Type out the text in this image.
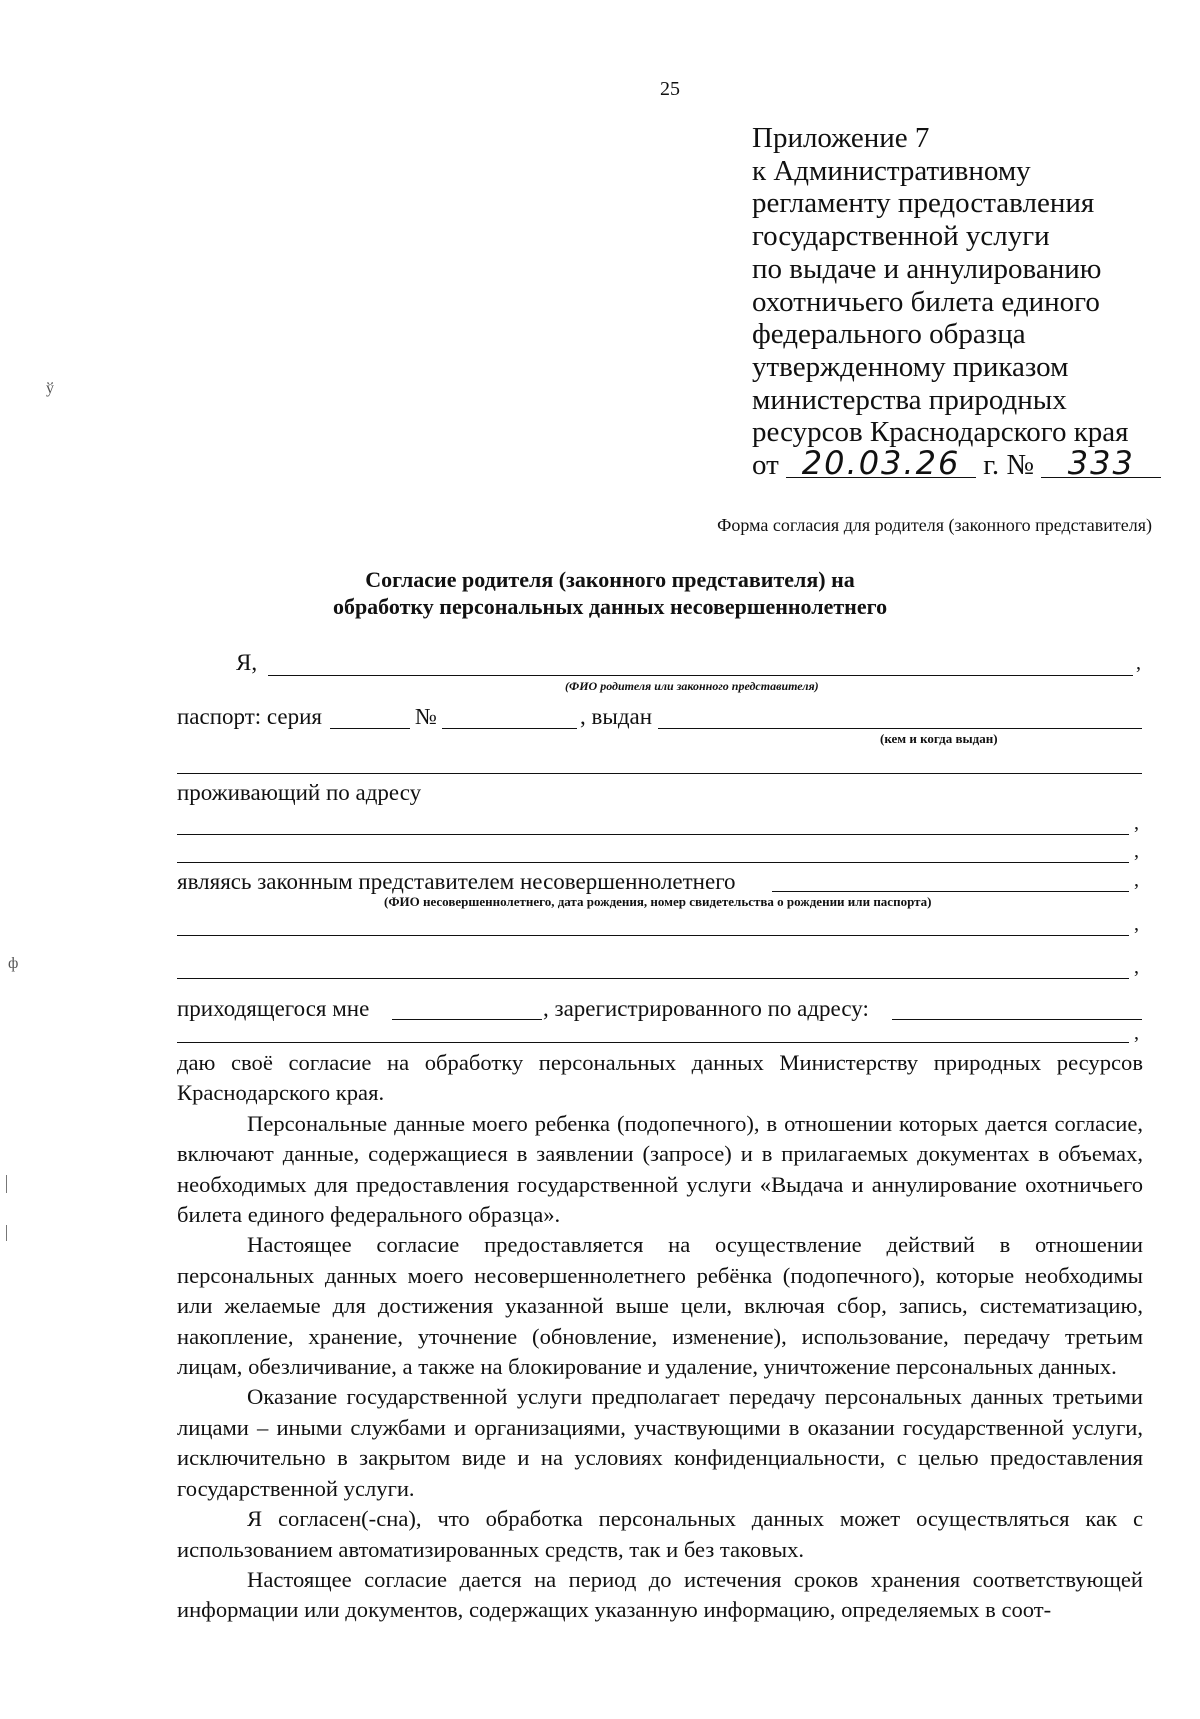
25
Приложение 7
к Административному
регламенту предоставления
государственной услуги
по выдаче и аннулированию
охотничьего билета единого
федерального образца
утвержденному приказом
министерства природных
ресурсов Краснодарского края
от 20.03.26 г. № 333
Форма согласия для родителя (законного представителя)
Согласие родителя (законного представителя) на
обработку персональных данных несовершеннолетнего
Я,	,
(ФИО родителя или законного представителя)
паспорт: серия	№	, выдан
(кем и когда выдан)
проживающий по адресу
,
,
являясь законным представителем несовершеннолетнего	,
(ФИО несовершеннолетнего, дата рождения, номер свидетельства о рождении или паспорта)
,
,
приходящегося мне	, зарегистрированного по адресу:
,

даю своё согласие на обработку персональных данных Министерству природных ресурсов Краснодарского края.

Персональные данные моего ребенка (подопечного), в отношении которых дается согласие, включают данные, содержащиеся в заявлении (запросе) и в прилагаемых документах в объемах, необходимых для предоставления государственной услуги «Выдача и аннулирование охотничьего билета единого федерального образца».

Настоящее согласие предоставляется на осуществление действий в отношении персональных данных моего несовершеннолетнего ребёнка (подопечного), которые необходимы или желаемые для достижения указанной выше цели, включая сбор, запись, систематизацию, накопление, хранение, уточнение (обновление, изменение), использование, передачу третьим лицам, обезличивание, а также на блокирование и удаление, уничтожение персональных данных.

Оказание государственной услуги предполагает передачу персональных данных третьими лицами – иными службами и организациями, участвующими в оказании государственной услуги, исключительно в закрытом виде и на условиях конфиденциальности, с целью предоставления государственной услуги.

Я согласен(-сна), что обработка персональных данных может осуществляться как с использованием автоматизированных средств, так и без таковых.

Настоящее согласие дается на период до истечения сроков хранения соответствующей информации или документов, содержащих указанную информацию, определяемых в соот-

ў
ф
